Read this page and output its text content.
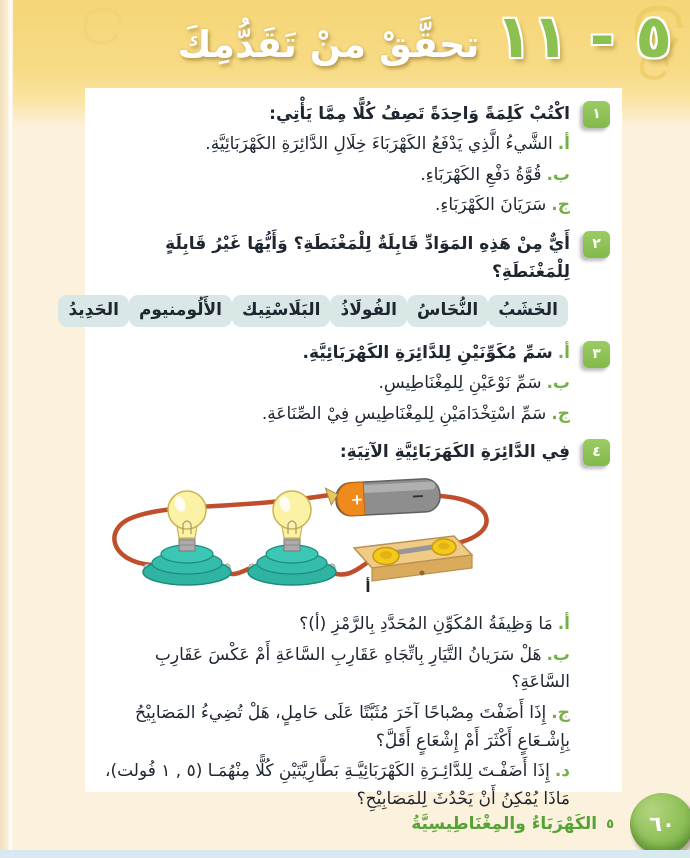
٥ - ١١
تحقَّقْ منْ تَقَدُّمِكَ
١
اكْتُبْ كَلِمَةً وَاحِدَةً تَصِفُ كُلًّا مِمَّا يَأْتِي:
أ.الشَّيءُ الَّذِي يَدْفَعُ الكَهْرَبَاءَ خِلَالِ الدَّائِرَةِ الكَهْرَبَائِيَّةِ.
ب.قُوَّةُ دَفْعِ الكَهْرَبَاءِ.
ج.سَرَيَانَ الكَهْرَبَاءِ.
٢
أَيٌّ مِنْ هَذِهِ المَوَادِّ قَابِلَةٌ لِلْمَغْنَطَةِ؟ وَأَيُّهَا غَيْرُ قَابِلَةٍ لِلْمَغْنَطَةِ؟
الخَشَبُ
النُّحَاسُ
الفُولَاذُ
البَلَاسْتِيك
الأَلُومنيوم
الحَدِيدُ
٣
أ.سَمِّ مُكَوِّنَيْنِ لِلدَّائِرَةِ الكَهْرَبَائِيَّةِ.
ب.سَمِّ نَوْعَيْنِ لِلمِغْنَاطِيسِ.
ج.سَمِّ اسْتِخْدَامَيْنِ لِلمِغْنَاطِيسِ فِيْ الصِّنَاعَةِ.
٤
فِي الدَّائِرَةِ الكَهَرَبَائِيَّةِ الآتِيَةِ:
+	−
أ
أ.مَا وَظِيفَةُ المُكَوِّنِ المُحَدَّدِ بِالرَّمْزِ (أ)؟
ب.هَلْ سَرَيانُ التَّيَارِ بِاتِّجَاهِ عَقَارِبِ السَّاعَةِ أَمْ عَكْسَ عَقَارِبِ السَّاعَةِ؟
ج.إِذَا أَضَفْتَ مِصْباحًا آخَرَ مُثَبَّتًا عَلَى حَامِلٍ، هَلْ تُضِيءُ المَصَابِيْحُ بِإِشْـعَاعٍ أَكْثَرَ أَمْ إِشْعَاعٍ أَقَلَّ؟
د.إِذَا أَضَفْـتَ لِلدَّائِـرَةِ الكَهْرَبَائِيَّـةِ بَطَّارِيَّتَيْنِ كُلًّا مِنْهُمَـا ⁦(٥ , ١ فُولت)⁩، مَاذَا يُمْكِنُ أَنْ يَحْدُثَ لِلمَصَابِيْحِ؟
٥
الكَهْرَبَاءُ والمِغْنَاطِيسِيَّةُ ٦٠
